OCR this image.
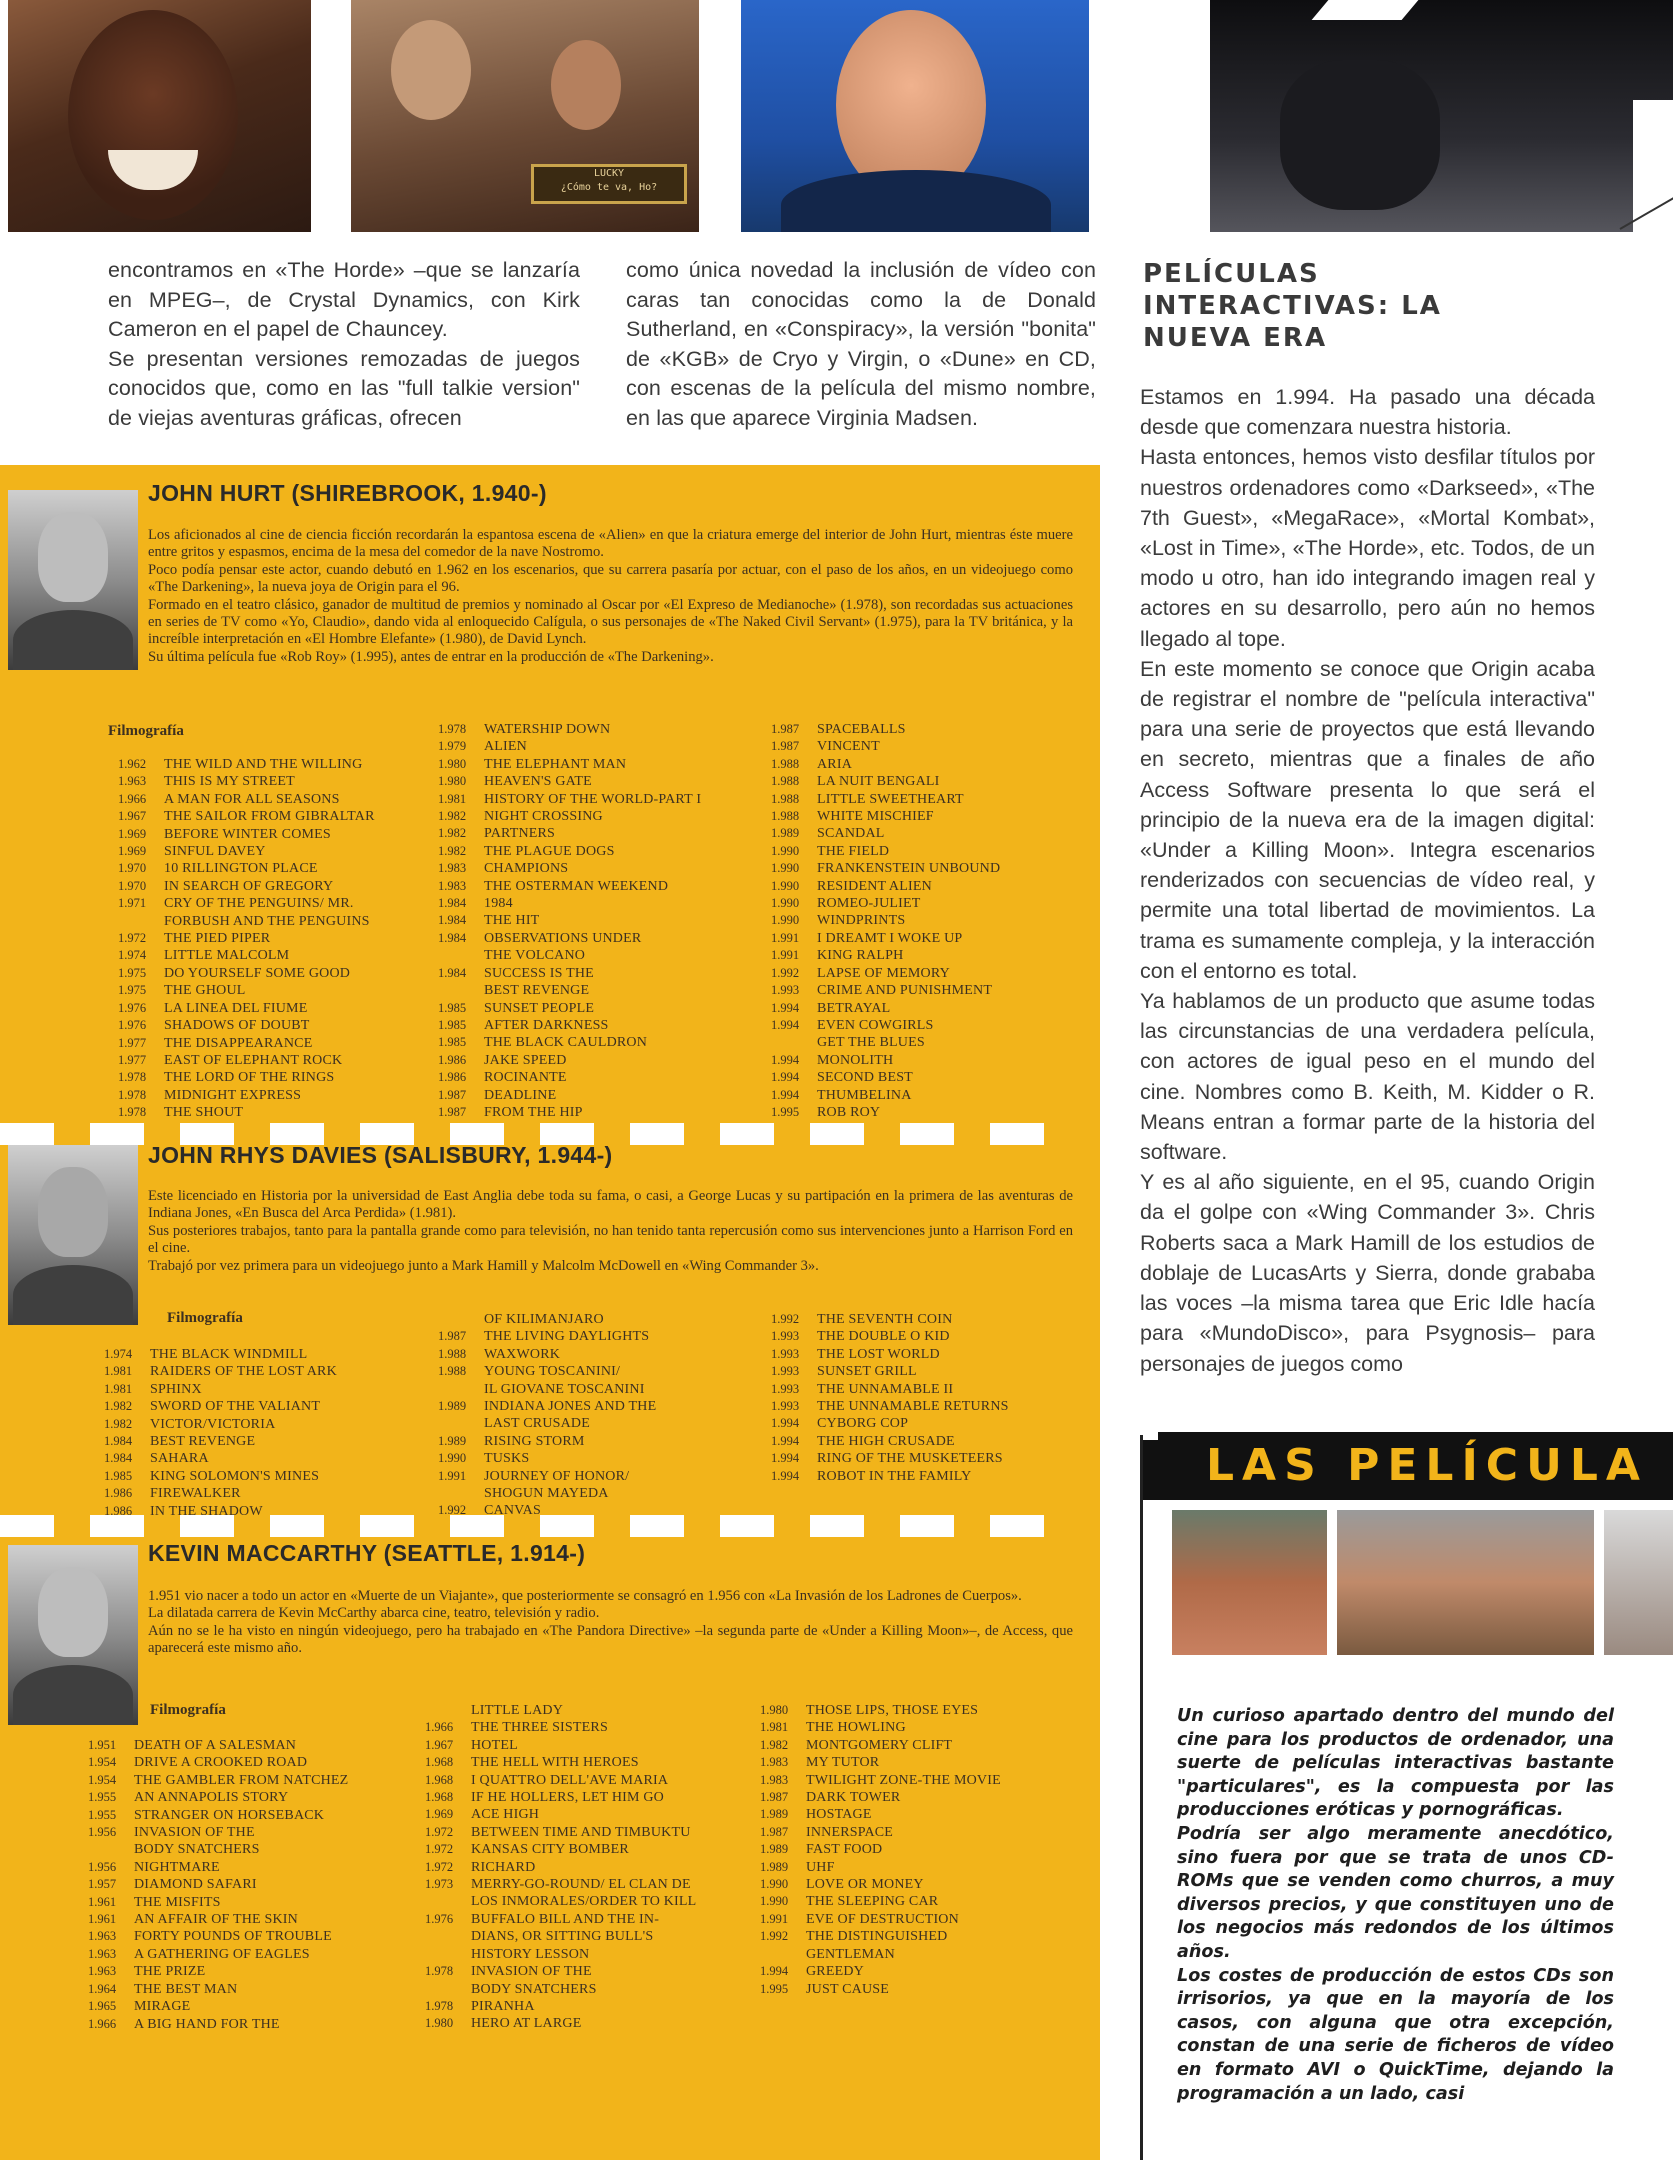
LUCKY
¿Cómo te va, Ho?

encontramos en «The Horde» –que se lanzaría en MPEG–, de Crystal Dynamics, con Kirk Cameron en el papel de Chauncey.

Se presentan versiones remozadas de juegos conocidos que, como en las "full talkie version" de viejas aventuras gráficas, ofrecen

como única novedad la inclusión de vídeo con caras tan conocidas como la de Donald Sutherland, en «Conspiracy», la versión "bonita" de «KGB» de Cryo y Virgin, o «Dune» en CD, con escenas de la película del mismo nombre, en las que aparece Virginia Madsen.

PELÍCULAS INTERACTIVAS: LA NUEVA ERA

Estamos en 1.994. Ha pasado una década desde que comenzara nuestra historia.

Hasta entonces, hemos visto desfilar títulos por nuestros ordenadores como «Darkseed», «The 7th Guest», «MegaRace», «Mortal Kombat», «Lost in Time», «The Horde», etc. Todos, de un modo u otro, han ido integrando imagen real y actores en su desarrollo, pero aún no hemos llegado al tope.

En este momento se conoce que Origin acaba de registrar el nombre de "película interactiva" para una serie de proyectos que está llevando en secreto, mientras que a finales de año Access Software presenta lo que será el principio de la nueva era de la imagen digital: «Under a Killing Moon». Integra escenarios renderizados con secuencias de vídeo real, y permite una total libertad de movimientos. La trama es sumamente compleja, y la interacción con el entorno es total.

Ya hablamos de un producto que asume todas las circunstancias de una verdadera película, con actores de igual peso en el mundo del cine. Nombres como B. Keith, M. Kidder o R. Means entran a formar parte de la historia del software.

Y es al año siguiente, en el 95, cuando Origin da el golpe con «Wing Commander 3». Chris Roberts saca a Mark Hamill de los estudios de doblaje de LucasArts y Sierra, donde grababa las voces –la misma tarea que Eric Idle hacía para «MundoDisco», para Psygnosis– para personajes de juegos como

JOHN HURT (SHIREBROOK, 1.940-)

Los aficionados al cine de ciencia ficción recordarán la espantosa escena de «Alien» en que la criatura emerge del interior de John Hurt, mientras éste muere entre gritos y espasmos, encima de la mesa del comedor de la nave Nostromo.

Poco podía pensar este actor, cuando debutó en 1.962 en los escenarios, que su carrera pasaría por actuar, con el paso de los años, en un videojuego como «The Darkening», la nueva joya de Origin para el 96.

Formado en el teatro clásico, ganador de multitud de premios y nominado al Oscar por «El Expreso de Medianoche» (1.978), son recordadas sus actuaciones en series de TV como «Yo, Claudio», dando vida al enloquecido Calígula, o sus personajes de «The Naked Civil Servant» (1.975), para la TV británica, y la increíble interpretación en «El Hombre Elefante» (1.980), de David Lynch.

Su última película fue «Rob Roy» (1.995), antes de entrar en la producción de «The Darkening».

Filmografía
1.962	THE WILD AND THE WILLING
1.963	THIS IS MY STREET
1.966	A MAN FOR ALL SEASONS
1.967	THE SAILOR FROM GIBRALTAR
1.969	BEFORE WINTER COMES
1.969	SINFUL DAVEY
1.970	10 RILLINGTON PLACE
1.970	IN SEARCH OF GREGORY
1.971	CRY OF THE PENGUINS/ MR.
FORBUSH AND THE PENGUINS
1.972	THE PIED PIPER
1.974	LITTLE MALCOLM
1.975	DO YOURSELF SOME GOOD
1.975	THE GHOUL
1.976	LA LINEA DEL FIUME
1.976	SHADOWS OF DOUBT
1.977	THE DISAPPEARANCE
1.977	EAST OF ELEPHANT ROCK
1.978	THE LORD OF THE RINGS
1.978	MIDNIGHT EXPRESS
1.978	THE SHOUT
1.978	WATERSHIP DOWN
1.979	ALIEN
1.980	THE ELEPHANT MAN
1.980	HEAVEN'S GATE
1.981	HISTORY OF THE WORLD-PART I
1.982	NIGHT CROSSING
1.982	PARTNERS
1.982	THE PLAGUE DOGS
1.983	CHAMPIONS
1.983	THE OSTERMAN WEEKEND
1.984	1984
1.984	THE HIT
1.984	OBSERVATIONS UNDER
THE VOLCANO
1.984	SUCCESS IS THE
BEST REVENGE
1.985	SUNSET PEOPLE
1.985	AFTER DARKNESS
1.985	THE BLACK CAULDRON
1.986	JAKE SPEED
1.986	ROCINANTE
1.987	DEADLINE
1.987	FROM THE HIP
1.987	SPACEBALLS
1.987	VINCENT
1.988	ARIA
1.988	LA NUIT BENGALI
1.988	LITTLE SWEETHEART
1.988	WHITE MISCHIEF
1.989	SCANDAL
1.990	THE FIELD
1.990	FRANKENSTEIN UNBOUND
1.990	RESIDENT ALIEN
1.990	ROMEO-JULIET
1.990	WINDPRINTS
1.991	I DREAMT I WOKE UP
1.991	KING RALPH
1.992	LAPSE OF MEMORY
1.993	CRIME AND PUNISHMENT
1.994	BETRAYAL
1.994	EVEN COWGIRLS
GET THE BLUES
1.994	MONOLITH
1.994	SECOND BEST
1.994	THUMBELINA
1.995	ROB ROY
JOHN RHYS DAVIES (SALISBURY, 1.944-)

Este licenciado en Historia por la universidad de East Anglia debe toda su fama, o casi, a George Lucas y su partipación en la primera de las aventuras de Indiana Jones, «En Busca del Arca Perdida» (1.981).

Sus posteriores trabajos, tanto para la pantalla grande como para televisión, no han tenido tanta repercusión como sus intervenciones junto a Harrison Ford en el cine.

Trabajó por vez primera para un videojuego junto a Mark Hamill y Malcolm McDowell en «Wing Commander 3».

Filmografía
1.974	THE BLACK WINDMILL
1.981	RAIDERS OF THE LOST ARK
1.981	SPHINX
1.982	SWORD OF THE VALIANT
1.982	VICTOR/VICTORIA
1.984	BEST REVENGE
1.984	SAHARA
1.985	KING SOLOMON'S MINES
1.986	FIREWALKER
1.986	IN THE SHADOW
OF KILIMANJARO
1.987	THE LIVING DAYLIGHTS
1.988	WAXWORK
1.988	YOUNG TOSCANINI/
IL GIOVANE TOSCANINI
1.989	INDIANA JONES AND THE
LAST CRUSADE
1.989	RISING STORM
1.990	TUSKS
1.991	JOURNEY OF HONOR/
SHOGUN MAYEDA
1.992	CANVAS
1.992	THE SEVENTH COIN
1.993	THE DOUBLE O KID
1.993	THE LOST WORLD
1.993	SUNSET GRILL
1.993	THE UNNAMABLE II
1.993	THE UNNAMABLE RETURNS
1.994	CYBORG COP
1.994	THE HIGH CRUSADE
1.994	RING OF THE MUSKETEERS
1.994	ROBOT IN THE FAMILY
KEVIN MACCARTHY (SEATTLE, 1.914-)

1.951 vio nacer a todo un actor en «Muerte de un Viajante», que posteriormente se consagró en 1.956 con «La Invasión de los Ladrones de Cuerpos».

La dilatada carrera de Kevin McCarthy abarca cine, teatro, televisión y radio.

Aún no se le ha visto en ningún videojuego, pero ha trabajado en «The Pandora Directive» –la segunda parte de «Under a Killing Moon»–, de Access, que aparecerá este mismo año.

Filmografía
1.951	DEATH OF A SALESMAN
1.954	DRIVE A CROOKED ROAD
1.954	THE GAMBLER FROM NATCHEZ
1.955	AN ANNAPOLIS STORY
1.955	STRANGER ON HORSEBACK
1.956	INVASION OF THE
BODY SNATCHERS
1.956	NIGHTMARE
1.957	DIAMOND SAFARI
1.961	THE MISFITS
1.961	AN AFFAIR OF THE SKIN
1.963	FORTY POUNDS OF TROUBLE
1.963	A GATHERING OF EAGLES
1.963	THE PRIZE
1.964	THE BEST MAN
1.965	MIRAGE
1.966	A BIG HAND FOR THE
LITTLE LADY
1.966	THE THREE SISTERS
1.967	HOTEL
1.968	THE HELL WITH HEROES
1.968	I QUATTRO DELL'AVE MARIA
1.968	IF HE HOLLERS, LET HIM GO
1.969	ACE HIGH
1.972	BETWEEN TIME AND TIMBUKTU
1.972	KANSAS CITY BOMBER
1.972	RICHARD
1.973	MERRY-GO-ROUND/ EL CLAN DE
LOS INMORALES/ORDER TO KILL
1.976	BUFFALO BILL AND THE IN-
DIANS, OR SITTING BULL'S
HISTORY LESSON
1.978	INVASION OF THE
BODY SNATCHERS
1.978	PIRANHA
1.980	HERO AT LARGE
1.980	THOSE LIPS, THOSE EYES
1.981	THE HOWLING
1.982	MONTGOMERY CLIFT
1.983	MY TUTOR
1.983	TWILIGHT ZONE-THE MOVIE
1.987	DARK TOWER
1.989	HOSTAGE
1.987	INNERSPACE
1.989	FAST FOOD
1.989	UHF
1.990	LOVE OR MONEY
1.990	THE SLEEPING CAR
1.991	EVE OF DESTRUCTION
1.992	THE DISTINGUISHED
GENTLEMAN
1.994	GREEDY
1.995	JUST CAUSE
LAS PELÍCULA

Un curioso apartado dentro del mundo del cine para los productos de ordenador, una suerte de películas interactivas bastante "particulares", es la compuesta por las producciones eróticas y pornográficas.

Podría ser algo meramente anecdótico, sino fuera por que se trata de unos CD-ROMs que se venden como churros, a muy diversos precios, y que constituyen uno de los negocios más redondos de los últimos años.

Los costes de producción de estos CDs son irrisorios, ya que en la mayoría de los casos, con alguna que otra excepción, constan de una serie de ficheros de vídeo en formato AVI o QuickTime, dejando la programación a un lado, casi
